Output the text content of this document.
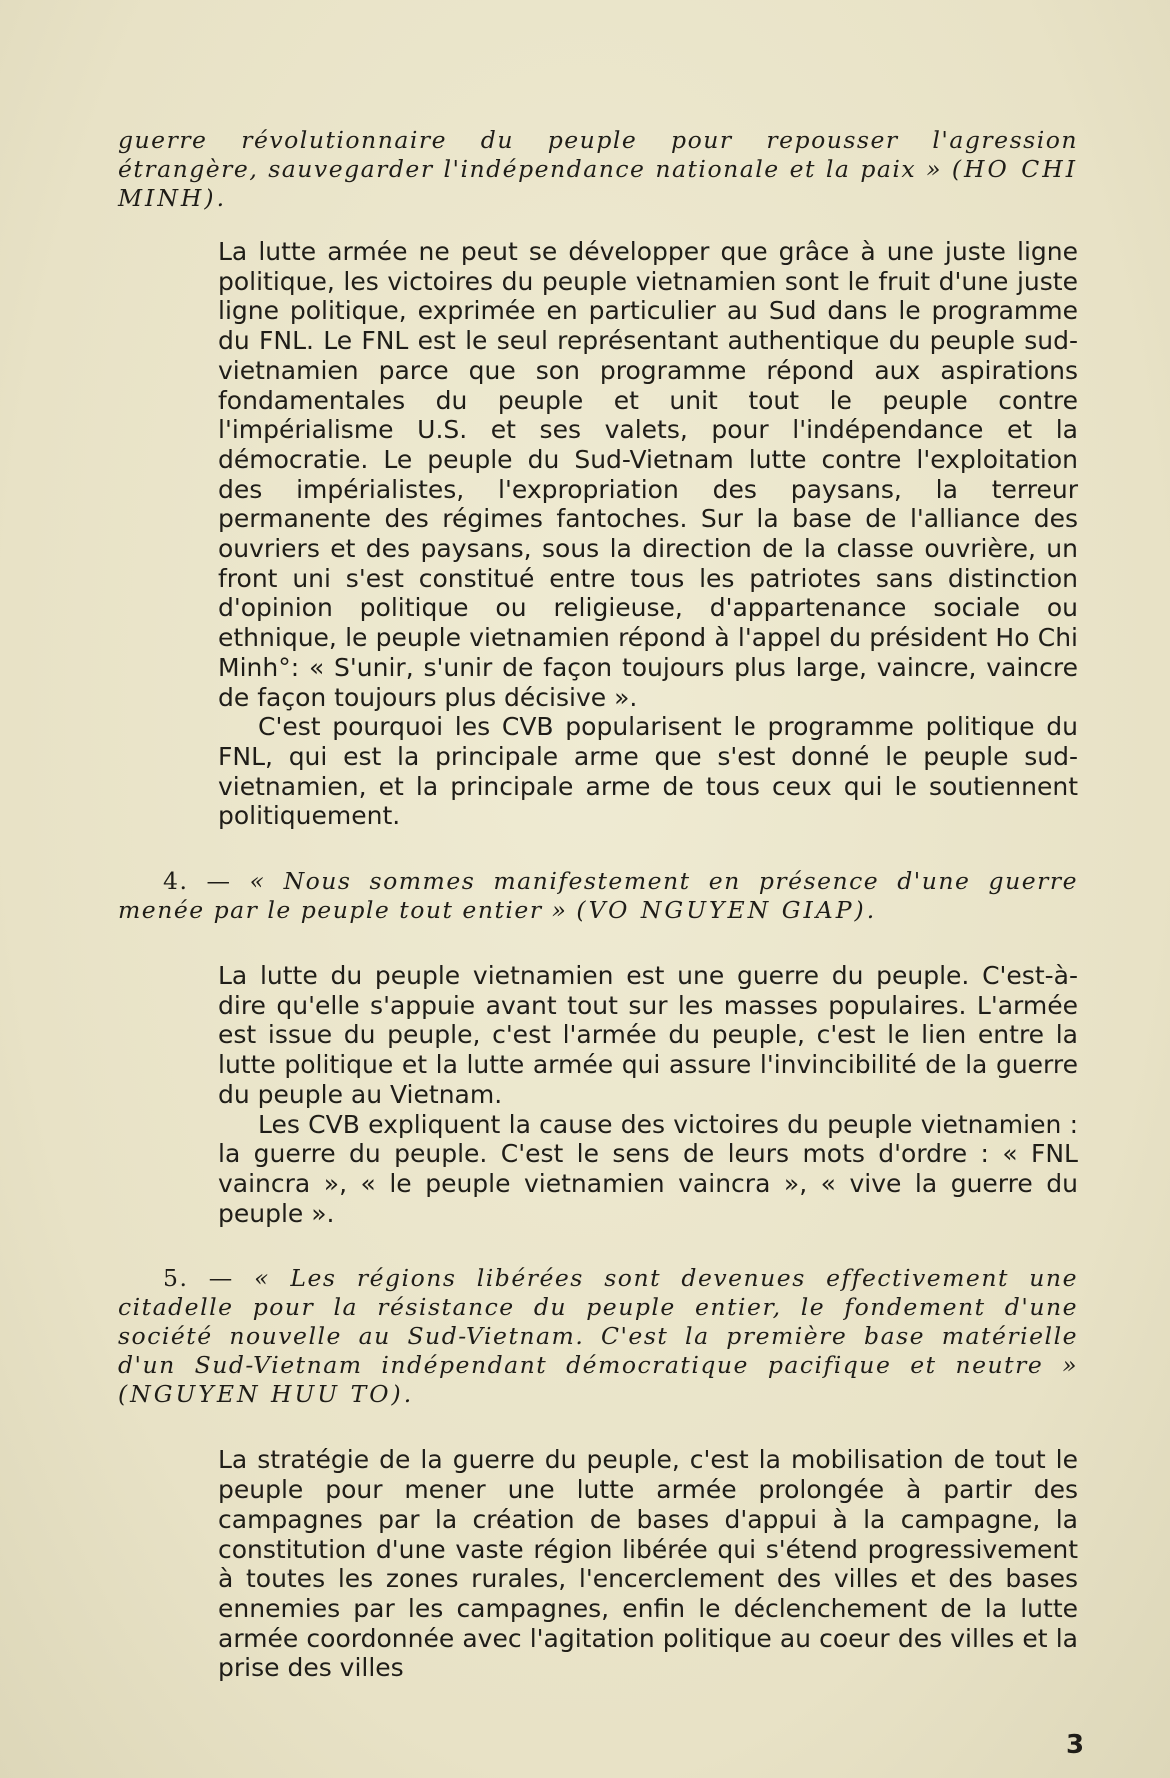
guerre révolutionnaire du peuple pour repousser l'agression étrangère, sauvegarder l'indépendance nationale et la paix » (HO CHI MINH).

La lutte armée ne peut se développer que grâce à une juste ligne politique, les victoires du peuple vietnamien sont le fruit d'une juste ligne politique, exprimée en particulier au Sud dans le programme du FNL. Le FNL est le seul représentant authentique du peuple sud-vietnamien parce que son programme répond aux aspirations fondamentales du peuple et unit tout le peuple contre l'impérialisme U.S. et ses valets, pour l'indépendance et la démocratie. Le peuple du Sud-Vietnam lutte contre l'exploitation des impérialistes, l'expropriation des paysans, la terreur permanente des régimes fantoches. Sur la base de l'alliance des ouvriers et des paysans, sous la direction de la classe ouvrière, un front uni s'est constitué entre tous les patriotes sans distinction d'opinion politique ou religieuse, d'appartenance sociale ou ethnique, le peuple vietnamien répond à l'appel du président Ho Chi Minh°: « S'unir, s'unir de façon toujours plus large, vaincre, vaincre de façon toujours plus décisive ».

C'est pourquoi les CVB popularisent le programme politique du FNL, qui est la principale arme que s'est donné le peuple sud-vietnamien, et la principale arme de tous ceux qui le soutiennent politiquement.

4. — « Nous sommes manifestement en présence d'une guerre menée par le peuple tout entier » (VO NGUYEN GIAP).

La lutte du peuple vietnamien est une guerre du peuple. C'est-à-dire qu'elle s'appuie avant tout sur les masses populaires. L'armée est issue du peuple, c'est l'armée du peuple, c'est le lien entre la lutte politique et la lutte armée qui assure l'invincibilité de la guerre du peuple au Vietnam.

Les CVB expliquent la cause des victoires du peuple vietnamien : la guerre du peuple. C'est le sens de leurs mots d'ordre : « FNL vaincra », « le peuple vietnamien vaincra », « vive la guerre du peuple ».

5. — « Les régions libérées sont devenues effectivement une citadelle pour la résistance du peuple entier, le fondement d'une société nouvelle au Sud-Vietnam. C'est la première base matérielle d'un Sud-Vietnam indépendant démocratique pacifique et neutre » (NGUYEN HUU TO).

La stratégie de la guerre du peuple, c'est la mobilisation de tout le peuple pour mener une lutte armée prolongée à partir des campagnes par la création de bases d'appui à la campagne, la constitution d'une vaste région libérée qui s'étend progressivement à toutes les zones rurales, l'encerclement des villes et des bases ennemies par les campagnes, enfin le déclenchement de la lutte armée coordonnée avec l'agitation politique au coeur des villes et la prise des villes

3
